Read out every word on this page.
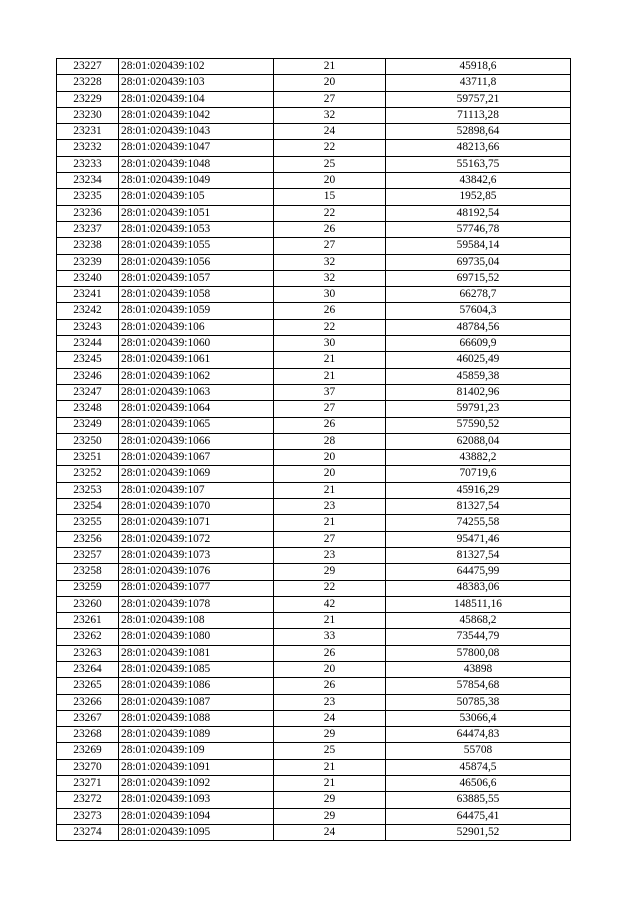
23227	28:01:020439:102	21	45918,6
23228	28:01:020439:103	20	43711,8
23229	28:01:020439:104	27	59757,21
23230	28:01:020439:1042	32	71113,28
23231	28:01:020439:1043	24	52898,64
23232	28:01:020439:1047	22	48213,66
23233	28:01:020439:1048	25	55163,75
23234	28:01:020439:1049	20	43842,6
23235	28:01:020439:105	15	1952,85
23236	28:01:020439:1051	22	48192,54
23237	28:01:020439:1053	26	57746,78
23238	28:01:020439:1055	27	59584,14
23239	28:01:020439:1056	32	69735,04
23240	28:01:020439:1057	32	69715,52
23241	28:01:020439:1058	30	66278,7
23242	28:01:020439:1059	26	57604,3
23243	28:01:020439:106	22	48784,56
23244	28:01:020439:1060	30	66609,9
23245	28:01:020439:1061	21	46025,49
23246	28:01:020439:1062	21	45859,38
23247	28:01:020439:1063	37	81402,96
23248	28:01:020439:1064	27	59791,23
23249	28:01:020439:1065	26	57590,52
23250	28:01:020439:1066	28	62088,04
23251	28:01:020439:1067	20	43882,2
23252	28:01:020439:1069	20	70719,6
23253	28:01:020439:107	21	45916,29
23254	28:01:020439:1070	23	81327,54
23255	28:01:020439:1071	21	74255,58
23256	28:01:020439:1072	27	95471,46
23257	28:01:020439:1073	23	81327,54
23258	28:01:020439:1076	29	64475,99
23259	28:01:020439:1077	22	48383,06
23260	28:01:020439:1078	42	148511,16
23261	28:01:020439:108	21	45868,2
23262	28:01:020439:1080	33	73544,79
23263	28:01:020439:1081	26	57800,08
23264	28:01:020439:1085	20	43898
23265	28:01:020439:1086	26	57854,68
23266	28:01:020439:1087	23	50785,38
23267	28:01:020439:1088	24	53066,4
23268	28:01:020439:1089	29	64474,83
23269	28:01:020439:109	25	55708
23270	28:01:020439:1091	21	45874,5
23271	28:01:020439:1092	21	46506,6
23272	28:01:020439:1093	29	63885,55
23273	28:01:020439:1094	29	64475,41
23274	28:01:020439:1095	24	52901,52
